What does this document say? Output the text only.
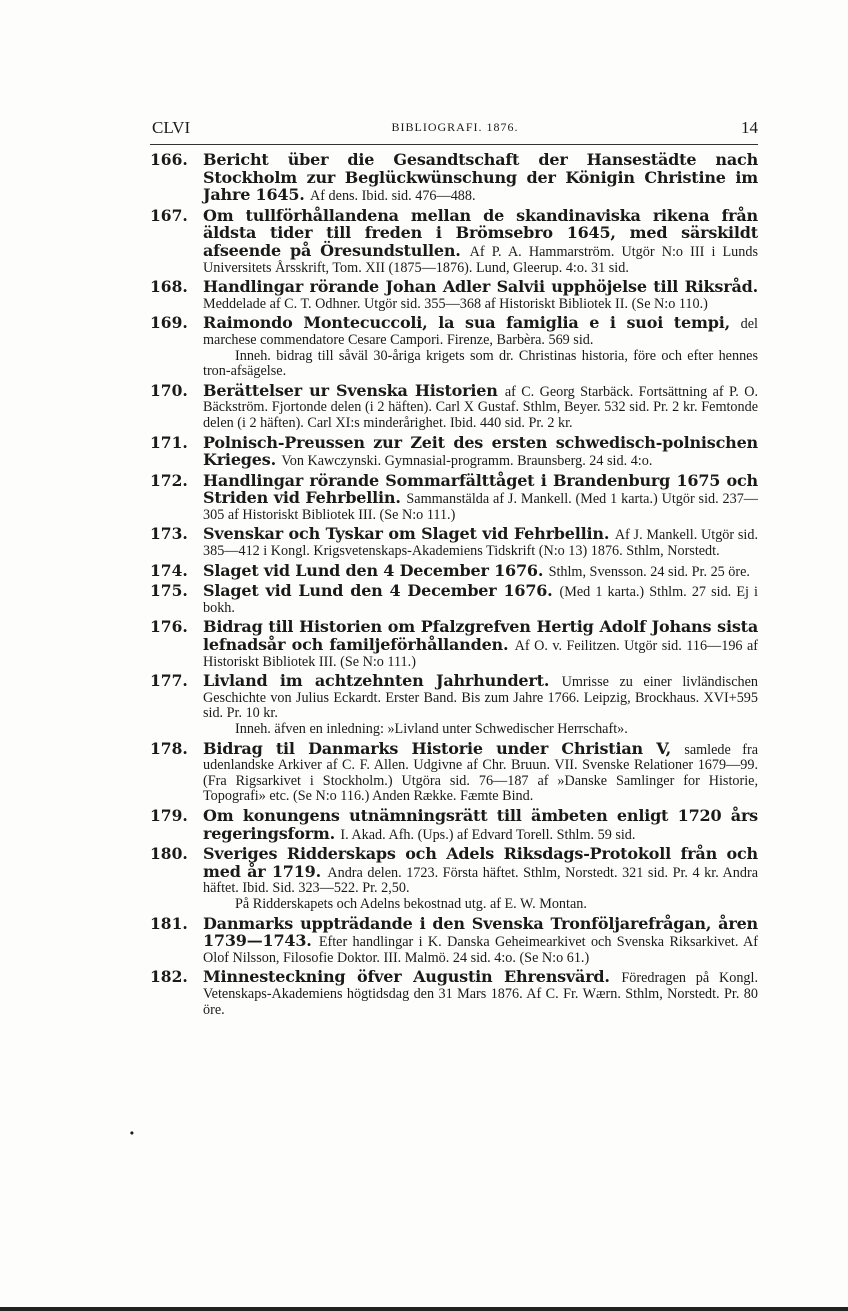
CLVI	BIBLIOGRAFI. 1876.	14
166. Bericht über die Gesandtschaft der Hansestädte nach Stockholm zur Beglückwünschung der Königin Christine im Jahre 1645. Af dens. Ibid. sid. 476—488.
167. Om tullförhållandena mellan de skandinaviska rikena från äldsta tider till freden i Brömsebro 1645, med särskildt afseende på Öresundstullen. Af P. A. Hammarström. Utgör N:o III i Lunds Universitets Årsskrift, Tom. XII (1875—1876). Lund, Gleerup. 4:o. 31 sid.
168. Handlingar rörande Johan Adler Salvii upphöjelse till Riksråd. Meddelade af C. T. Odhner. Utgör sid. 355—368 af Historiskt Bibliotek II. (Se N:o 110.)
169. Raimondo Montecuccoli, la sua famiglia e i suoi tempi, del marchese commendatore Cesare Campori. Firenze, Barbèra. 569 sid.
Inneh. bidrag till såväl 30-åriga krigets som dr. Christinas historia, före och efter hennes tron-afsägelse.
170. Berättelser ur Svenska Historien af C. Georg Starbäck. Fortsättning af P. O. Bäckström. Fjortonde delen (i 2 häften). Carl X Gustaf. Sthlm, Beyer. 532 sid. Pr. 2 kr. Femtonde delen (i 2 häften). Carl XI:s minderårighet. Ibid. 440 sid. Pr. 2 kr.
171. Polnisch-Preussen zur Zeit des ersten schwedisch-polnischen Krieges. Von Kawczynski. Gymnasial-programm. Braunsberg. 24 sid. 4:o.
172. Handlingar rörande Sommarfälttåget i Brandenburg 1675 och Striden vid Fehrbellin. Sammanstälda af J. Mankell. (Med 1 karta.) Utgör sid. 237—305 af Historiskt Bibliotek III. (Se N:o 111.)
173. Svenskar och Tyskar om Slaget vid Fehrbellin. Af J. Mankell. Utgör sid. 385—412 i Kongl. Krigsvetenskaps-Akademiens Tidskrift (N:o 13) 1876. Sthlm, Norstedt.
174. Slaget vid Lund den 4 December 1676. Sthlm, Svensson. 24 sid. Pr. 25 öre.
175. Slaget vid Lund den 4 December 1676. (Med 1 karta.) Sthlm. 27 sid. Ej i bokh.
176. Bidrag till Historien om Pfalzgrefven Hertig Adolf Johans sista lefnadsår och familjeförhållanden. Af O. v. Feilitzen. Utgör sid. 116—196 af Historiskt Bibliotek III. (Se N:o 111.)
177. Livland im achtzehnten Jahrhundert. Umrisse zu einer livländischen Geschichte von Julius Eckardt. Erster Band. Bis zum Jahre 1766. Leipzig, Brockhaus. XVI+595 sid. Pr. 10 kr.
Inneh. äfven en inledning: »Livland unter Schwedischer Herrschaft».
178. Bidrag til Danmarks Historie under Christian V, samlede fra udenlandske Arkiver af C. F. Allen. Udgivne af Chr. Bruun. VII. Svenske Relationer 1679—99. (Fra Rigsarkivet i Stockholm.) Utgöra sid. 76—187 af »Danske Samlinger for Historie, Topografi» etc. (Se N:o 116.) Anden Række. Fæmte Bind.
179. Om konungens utnämningsrätt till ämbeten enligt 1720 års regeringsform. I. Akad. Afh. (Ups.) af Edvard Torell. Sthlm. 59 sid.
180. Sveriges Ridderskaps och Adels Riksdags-Protokoll från och med år 1719. Andra delen. 1723. Första häftet. Sthlm, Norstedt. 321 sid. Pr. 4 kr. Andra häftet. Ibid. Sid. 323—522. Pr. 2,50.
På Ridderskapets och Adelns bekostnad utg. af E. W. Montan.
181. Danmarks uppträdande i den Svenska Tronföljarefrågan, åren 1739—1743. Efter handlingar i K. Danska Geheimearkivet och Svenska Riksarkivet. Af Olof Nilsson, Filosofie Doktor. III. Malmö. 24 sid. 4:o. (Se N:o 61.)
182. Minnesteckning öfver Augustin Ehrensvärd. Föredragen på Kongl. Vetenskaps-Akademiens högtidsdag den 31 Mars 1876. Af C. Fr. Wærn. Sthlm, Norstedt. Pr. 80 öre.
•
